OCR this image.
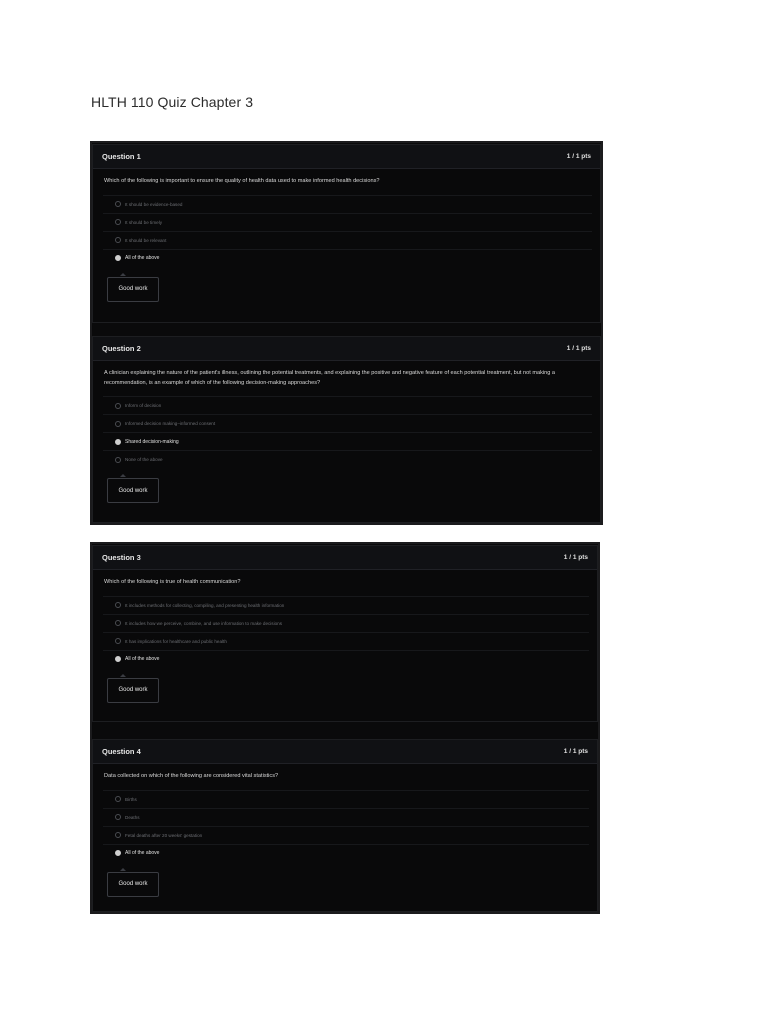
HLTH 110 Quiz Chapter 3
Question 1	1 / 1 pts
Which of the following is important to ensure the quality of health data used to make informed health decisions?
It should be evidence-based
It should be timely
It should be relevant
All of the above
Good work
Question 2	1 / 1 pts
A clinician explaining the nature of the patient's illness, outlining the potential treatments, and explaining the positive and negative feature of each potential treatment, but not making a recommendation, is an example of which of the following decision-making approaches?
Inform of decision
Informed decision making–informed consent
Shared decision-making
None of the above
Good work
Question 3	1 / 1 pts
Which of the following is true of health communication?
It includes methods for collecting, compiling, and presenting health information
It includes how we perceive, combine, and use information to make decisions
It has implications for healthcare and public health
All of the above
Good work
Question 4	1 / 1 pts
Data collected on which of the following are considered vital statistics?
Births
Deaths
Fetal deaths after 20 weeks' gestation
All of the above
Good work
